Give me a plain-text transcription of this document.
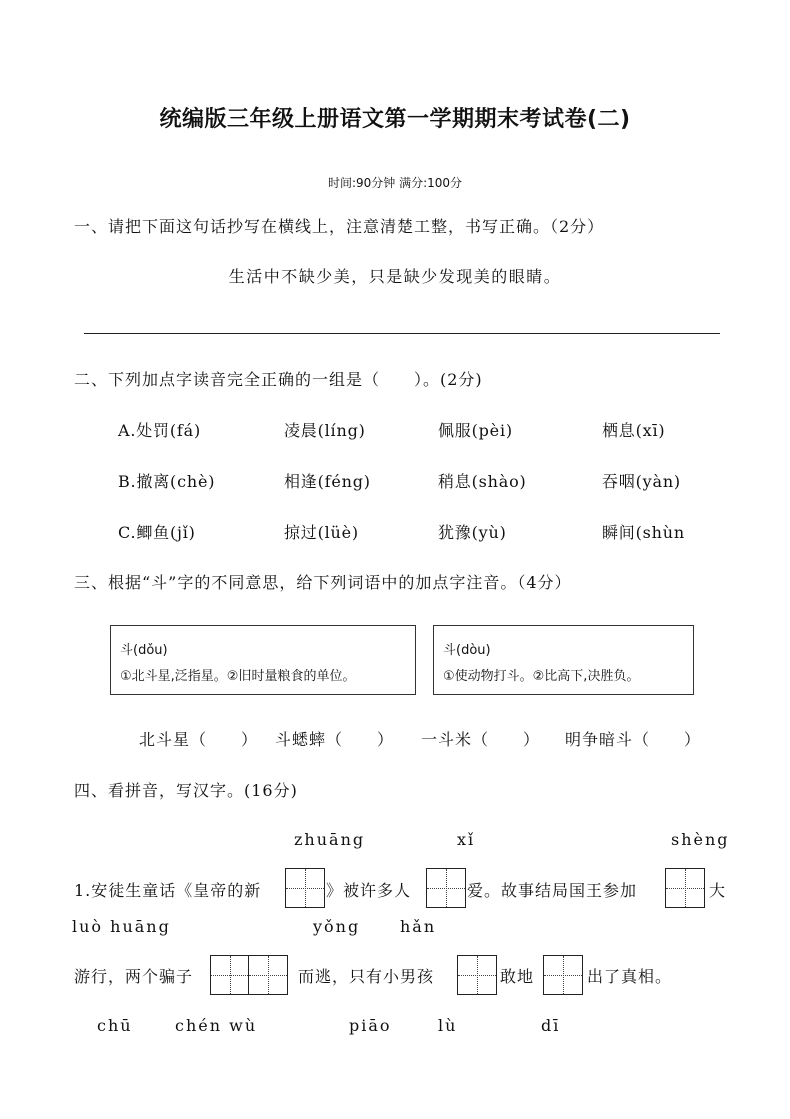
统编版三年级上册语文第一学期期末考试卷(二)
时间:90分钟 满分:100分
一、请把下面这句话抄写在横线上，注意清楚工整，书写正确。（2分）
生活中不缺少美，只是缺少发现美的眼睛。
二、下列加点字读音完全正确的一组是（　　）。(2分)
A.处罚(fá)	凌晨(líng)	佩服(pèi)	栖息(xī)
B.撤离(chè)	相逢(féng)	稍息(shào)	吞咽(yàn)
C.鲫鱼(jǐ)	掠过(lüè)	犹豫(yù)	瞬间(shùn
三、根据“斗”字的不同意思，给下列词语中的加点字注音。（4分）
斗(dǒu)
①北斗星,泛指星。②旧时量粮食的单位。
斗(dòu)
①使动物打斗。②比高下,决胜负。
北斗星（　　） 斗蟋蟀（　　） 一斗米（　　） 明争暗斗（　　）
四、看拼音，写汉字。(16分)
zhuāng	xǐ	shèng
1.安徒生童话《皇帝的新	》被许多人	爱。故事结局国王参加	大
luò huāng	yǒng hǎn
游行，两个骗子	而逃，只有小男孩	敢地	出了真相。
chū	chén wù	piāo	lù	dī
